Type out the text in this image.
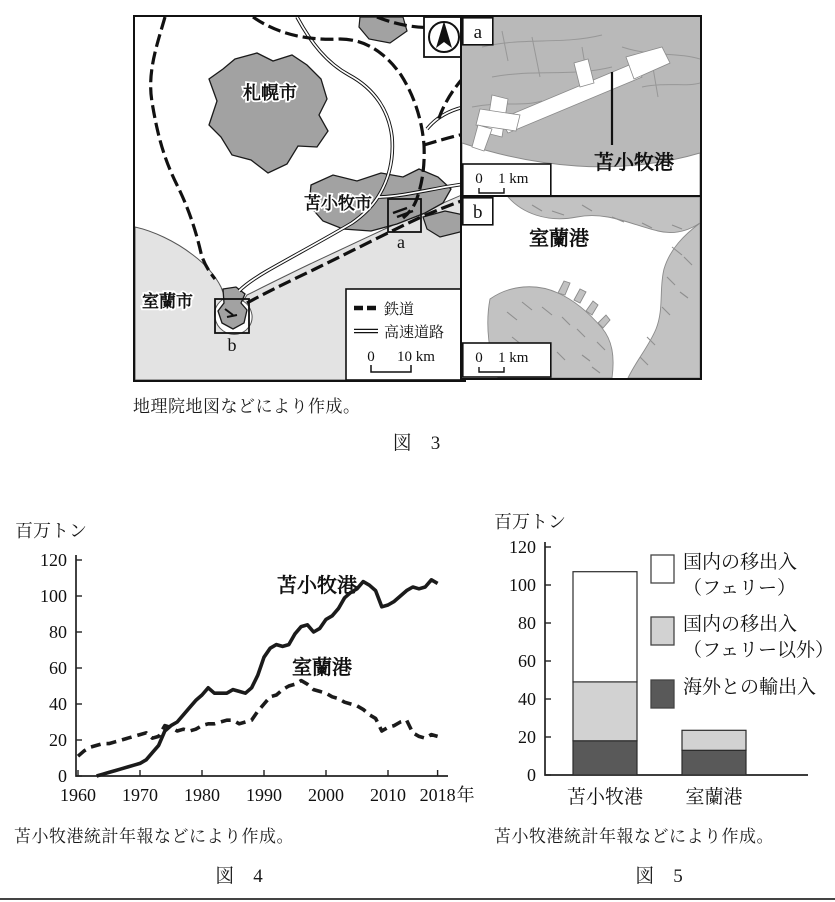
a
b
札幌市
苫小牧市
室蘭市	鉄道
高速道路
0 10 km
苫小牧港
a
0 1 km
室蘭港
b
0 1 km
地理院地図などにより作成。
図　3
百万トン
苫小牧港
室蘭港
0
20
40
60
80
100
120
1960 1970 1980 1990 2000 2010 2018 年
苫小牧港統計年報などにより作成。
図　4
百万トン
0
20
40
60
80
100
120
苫小牧港 室蘭港
国内の移出入
（フェリー）
国内の移出入
（フェリー以外）
海外との輸出入
苫小牧港統計年報などにより作成。
図　5
